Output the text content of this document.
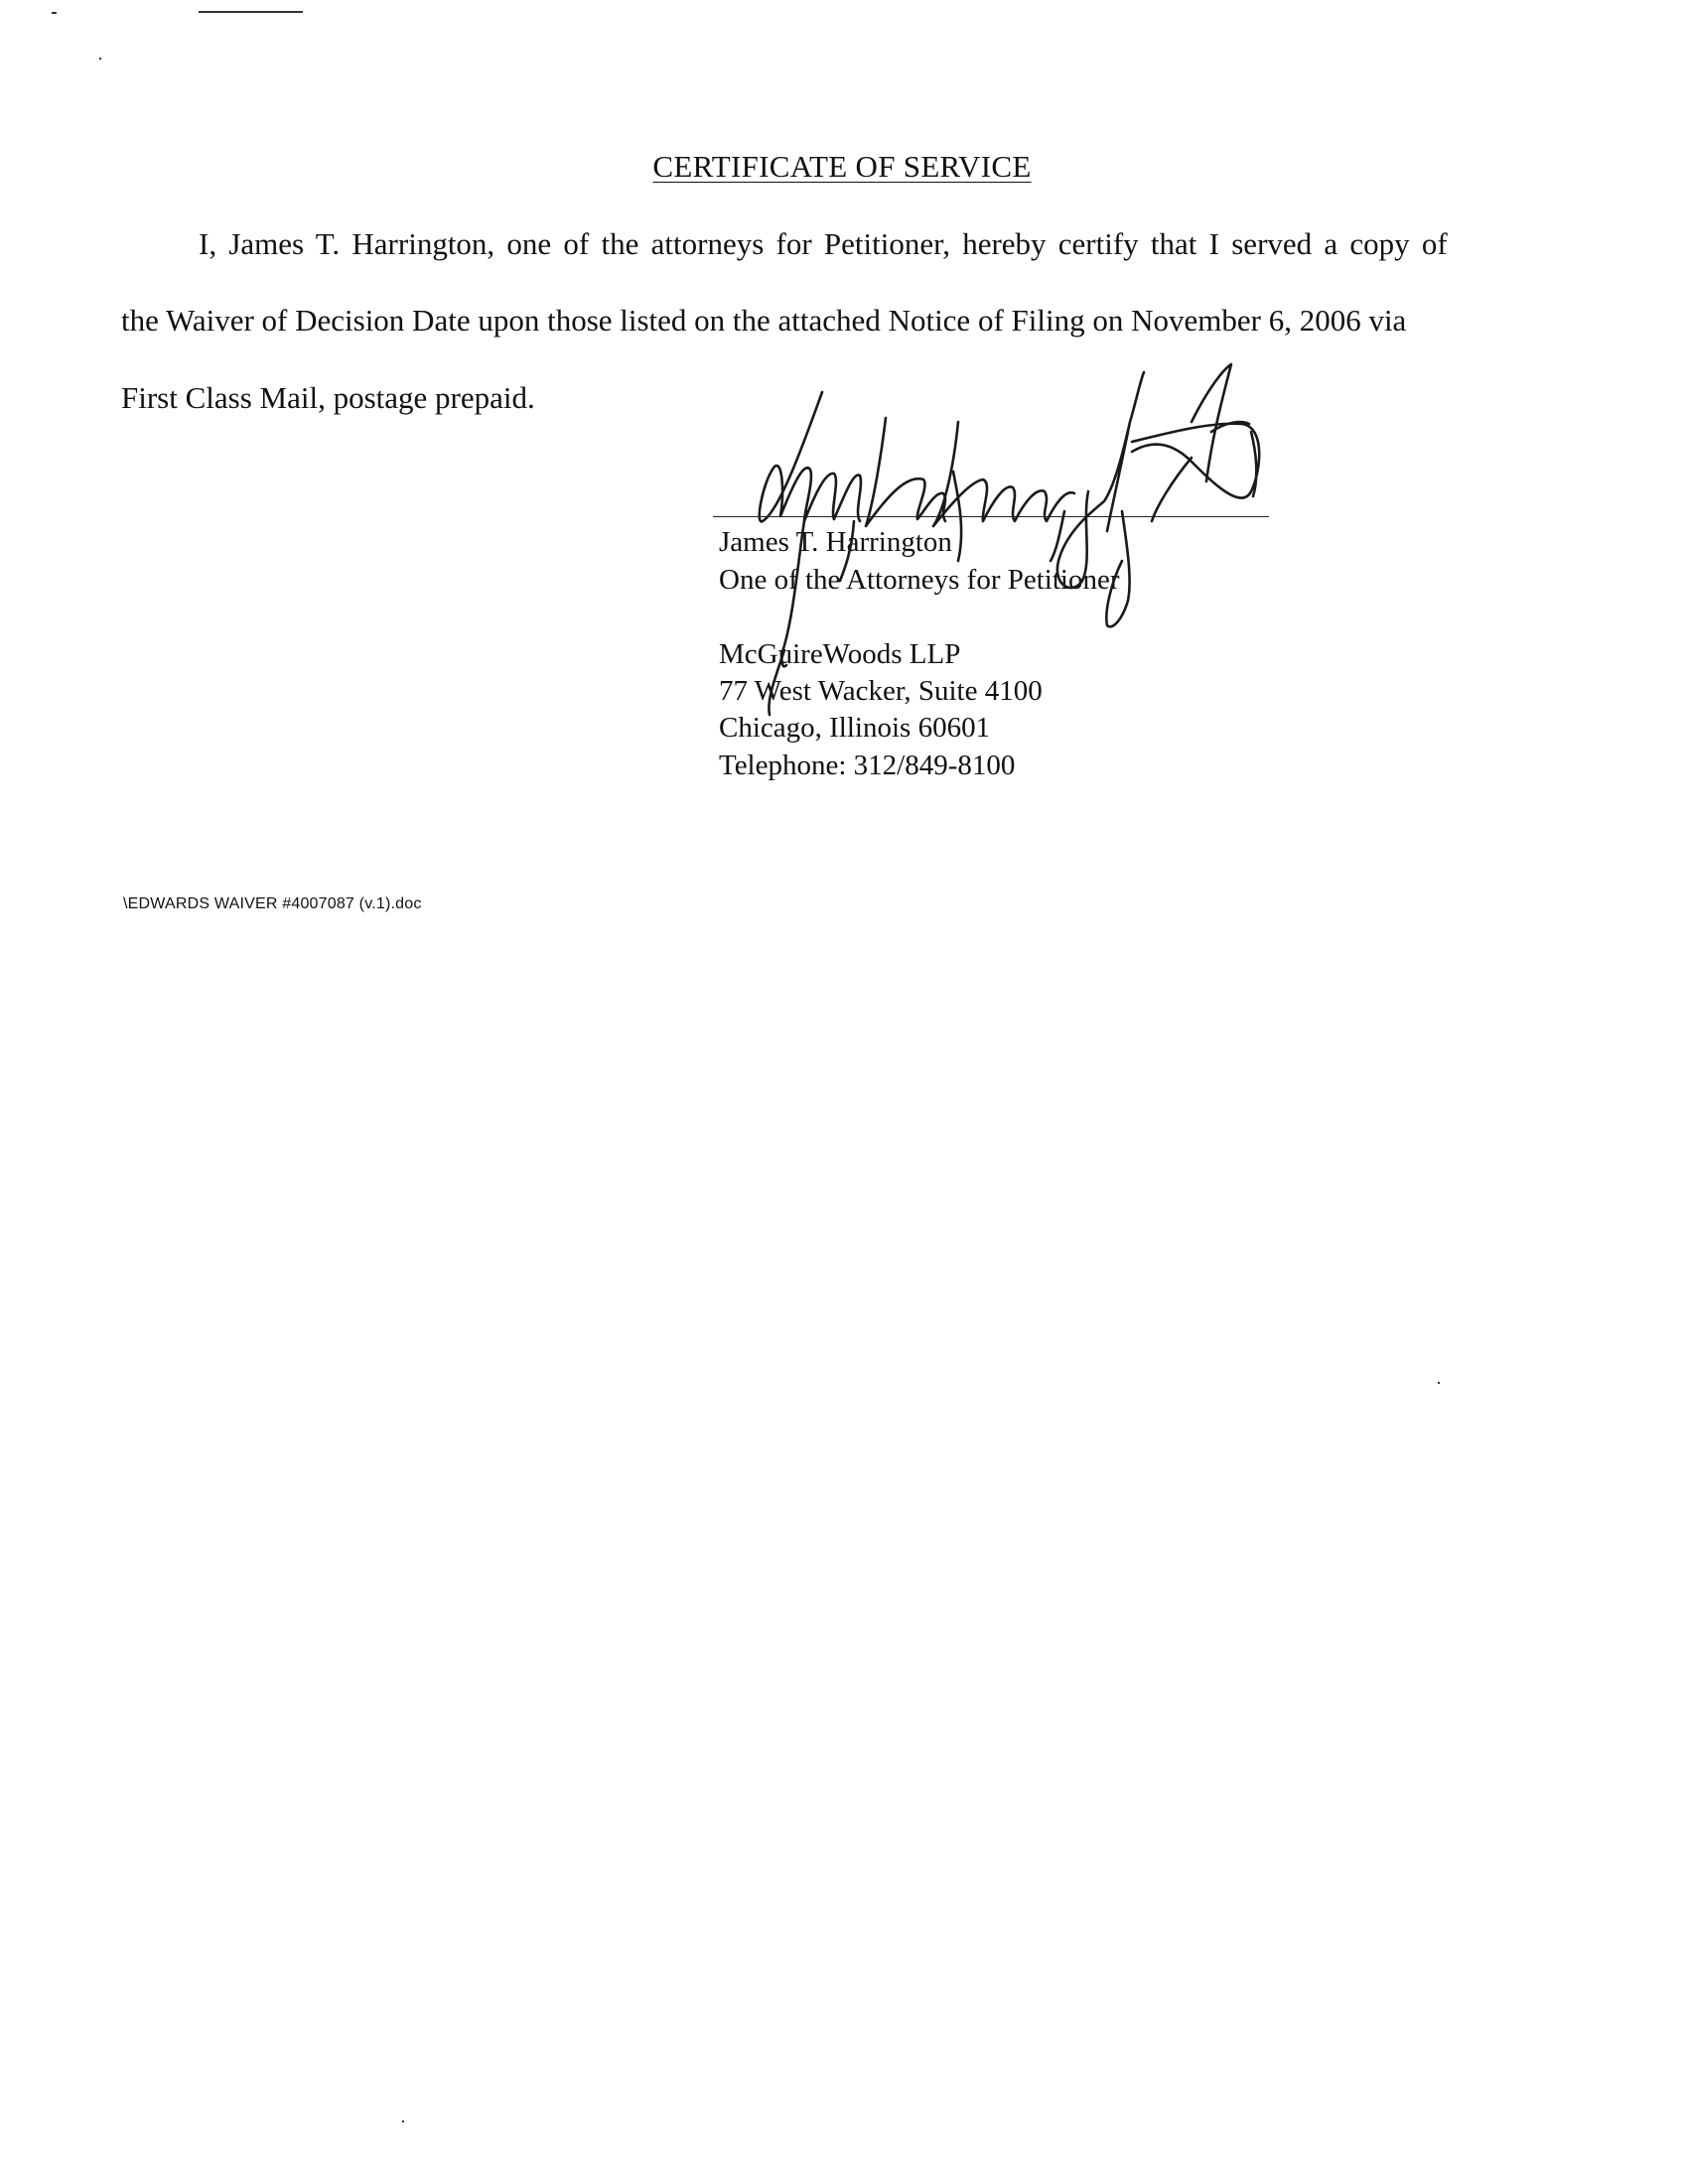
CERTIFICATE OF SERVICE
I, James T. Harrington, one of the attorneys for Petitioner, hereby certify that I served a copy of
the Waiver of Decision Date upon those listed on the attached Notice of Filing on November 6, 2006 via
First Class Mail, postage prepaid.
James T. Harrington
One of the Attorneys for Petitioner
McGuireWoods LLP
77 West Wacker, Suite 4100
Chicago, Illinois 60601
Telephone: 312/849-8100
\EDWARDS WAIVER #4007087 (v.1).doc
